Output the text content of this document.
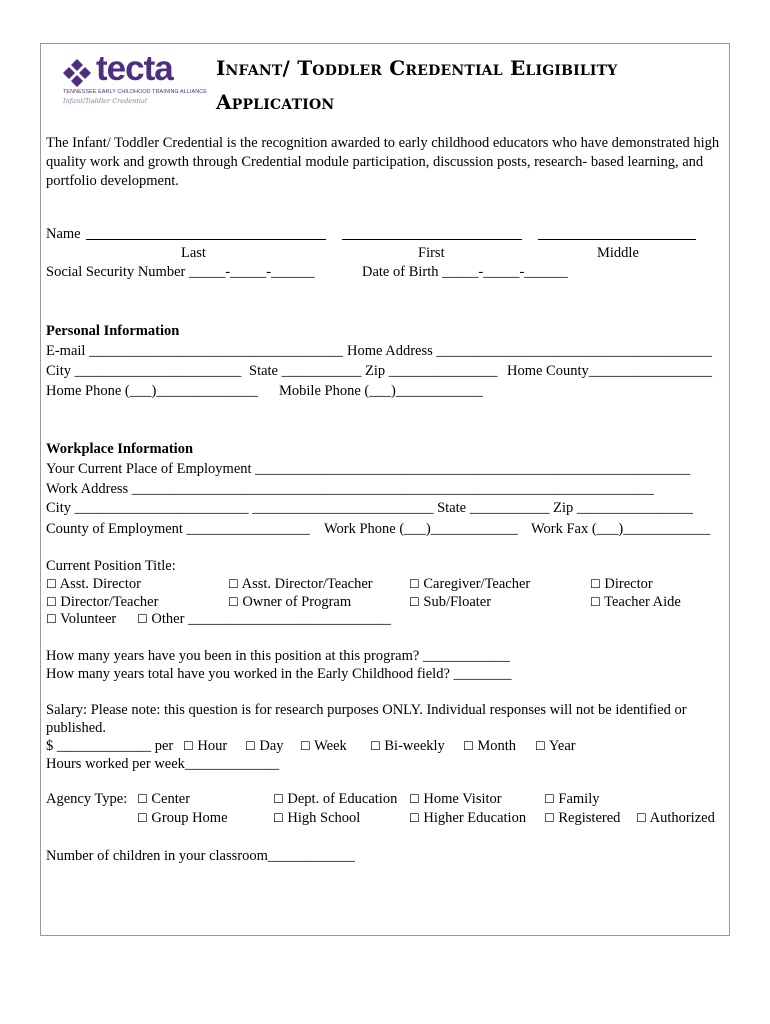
tecta
TENNESSEE EARLY CHILDHOOD TRAINING ALLIANCE
Infant/Toddler Credential
Infant/ Toddler Credential Eligibility
Application
The Infant/ Toddler Credential is the recognition awarded to early childhood educators who have demonstrated high quality work and growth through Credential module participation, discussion posts, research- based learning, and portfolio development.
Name
Last	First	Middle
Social Security Number _____-_____-______	Date of Birth _____-_____-______
Personal Information
E-mail ___________________________________ Home Address ______________________________________
City _______________________ State ___________ Zip _______________ Home County_________________
Home Phone (___)______________ Mobile Phone (___)____________
Workplace Information
Your Current Place of Employment ____________________________________________________________
Work Address ________________________________________________________________________
City ________________________ _________________________ State ___________ Zip ________________
County of Employment _________________ Work Phone (___)____________ Work Fax (___)____________
Current Position Title:
☐ Asst. Director	☐ Asst. Director/Teacher	☐ Caregiver/Teacher	☐ Director
☐ Director/Teacher	☐ Owner of Program	☐ Sub/Floater	☐ Teacher Aide
☐ Volunteer ☐ Other ____________________________
How many years have you been in this position at this program? ____________
How many years total have you worked in the Early Childhood field? ________
Salary: Please note: this question is for research purposes ONLY. Individual responses will not be identified or published.
$ _____________ per ☐ Hour ☐ Day ☐ Week ☐ Bi-weekly ☐ Month ☐ Year
Hours worked per week_____________
Agency Type: ☐ Center	☐ Dept. of Education ☐ Home Visitor	☐ Family
☐ Group Home	☐ High School	☐ Higher Education ☐ Registered ☐ Authorized
Number of children in your classroom____________
